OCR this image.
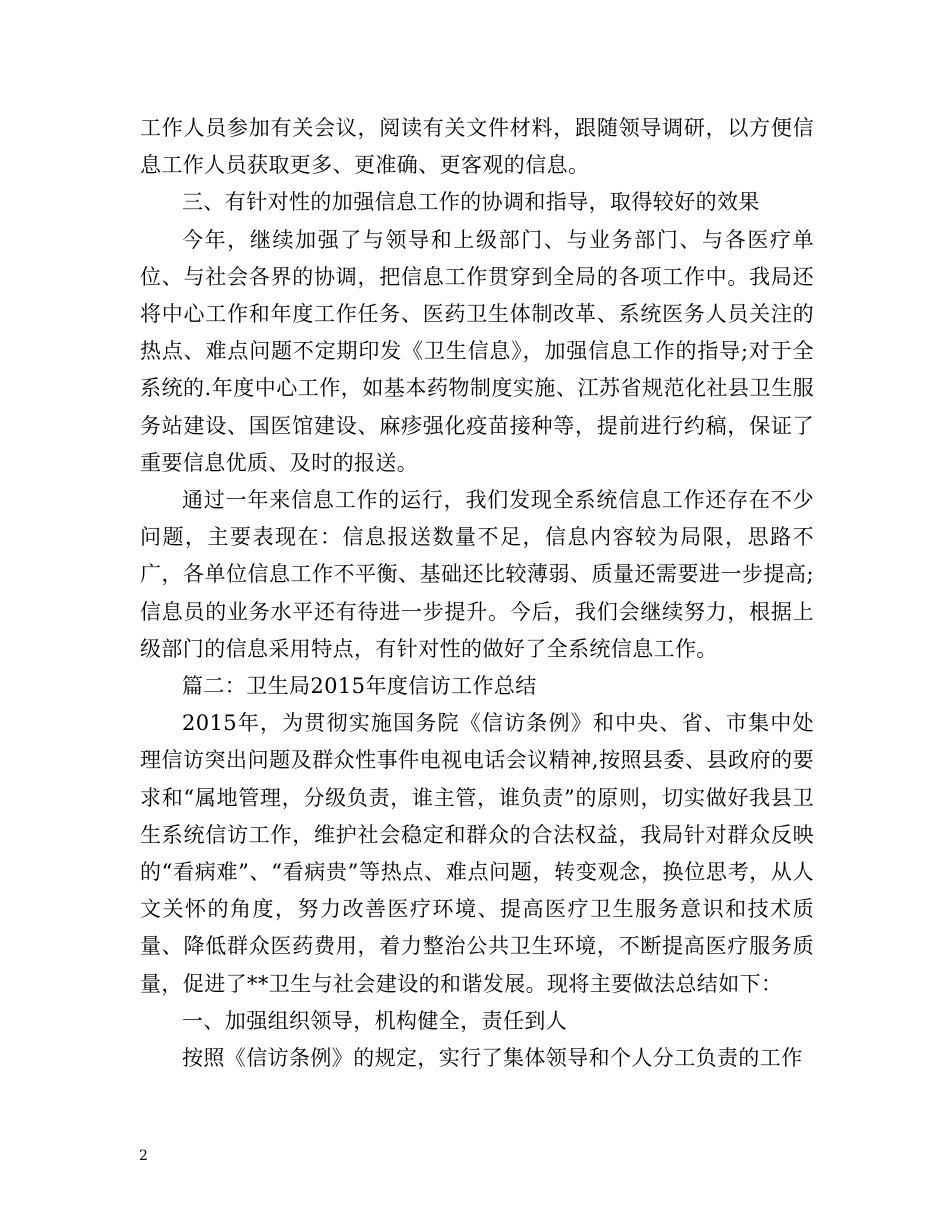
工作人员参加有关会议，阅读有关文件材料，跟随领导调研，以方便信息工作人员获取更多、更准确、更客观的信息。

三、有针对性的加强信息工作的协调和指导，取得较好的效果

今年，继续加强了与领导和上级部门、与业务部门、与各医疗单位、与社会各界的协调，把信息工作贯穿到全局的各项工作中。我局还将中心工作和年度工作任务、医药卫生体制改革、系统医务人员关注的热点、难点问题不定期印发《卫生信息》，加强信息工作的指导;对于全系统的.年度中心工作，如基本药物制度实施、江苏省规范化社县卫生服务站建设、国医馆建设、麻疹强化疫苗接种等，提前进行约稿，保证了重要信息优质、及时的报送。

通过一年来信息工作的运行，我们发现全系统信息工作还存在不少问题，主要表现在：信息报送数量不足，信息内容较为局限，思路不广，各单位信息工作不平衡、基础还比较薄弱、质量还需要进一步提高;信息员的业务水平还有待进一步提升。今后，我们会继续努力，根据上级部门的信息采用特点，有针对性的做好了全系统信息工作。

篇二：卫生局2015年度信访工作总结

2015年，为贯彻实施国务院《信访条例》和中央、省、市集中处理信访突出问题及群众性事件电视电话会议精神,按照县委、县政府的要求和“属地管理，分级负责，谁主管，谁负责”的原则，切实做好我县卫生系统信访工作，维护社会稳定和群众的合法权益，我局针对群众反映的“看病难”、“看病贵”等热点、难点问题，转变观念，换位思考，从人文关怀的角度，努力改善医疗环境、提高医疗卫生服务意识和技术质量、降低群众医药费用，着力整治公共卫生环境，不断提高医疗服务质量，促进了**卫生与社会建设的和谐发展。现将主要做法总结如下：

一、加强组织领导，机构健全，责任到人

按照《信访条例》的规定，实行了集体领导和个人分工负责的工作

2
